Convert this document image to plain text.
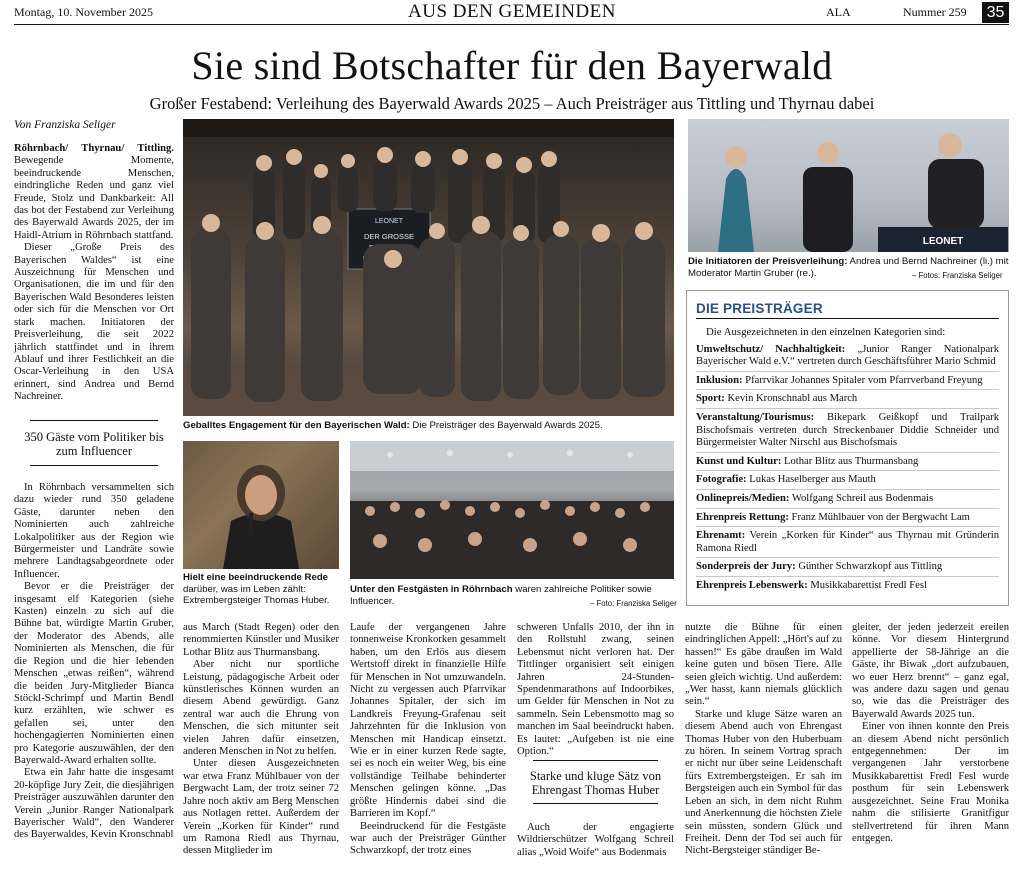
Montag, 10. November 2025	AUS DEN GEMEINDEN	ALA	Nummer 259 35
Sie sind Botschafter für den Bayerwald
Großer Festabend: Verleihung des Bayerwald Awards 2025 – Auch Preisträger aus Tittling und Thyrnau dabei
Von Franziska Seliger

Röhrnbach/ Thyrnau/ Tittling. Bewegende Momente, beeindruckende Menschen, eindringliche Reden und ganz viel Freude, Stolz und Dankbarkeit: All das bot der Festabend zur Verleihung des Bayerwald Awards 2025, der im Haidl-Atrium in Röhrnbach stattfand.

Dieser „Große Preis des Bayerischen Waldes“ ist eine Auszeichnung für Menschen und Organisationen, die im und für den Bayerischen Wald Besonderes leisten oder sich für die Menschen vor Ort stark machen. Initiatoren der Preisverleihung, die seit 2022 jährlich stattfindet und in ihrem Ablauf und ihrer Festlichkeit an die Oscar-Verleihung in den USA erinnert, sind Andrea und Bernd Nachreiner.

350 Gäste vom Politiker bis zum Influencer

In Röhrnbach versammelten sich dazu wieder rund 350 geladene Gäste, darunter neben den Nominierten auch zahlreiche Lokalpolitiker aus der Region wie Bürgermeister und Landräte sowie mehrere Landtagsabgeordnete oder Influencer.

Bevor er die Preisträger der insgesamt elf Kategorien (siehe Kasten) einzeln zu sich auf die Bühne bat, würdigte Martin Gruber, der Moderator des Abends, alle Nominierten als Menschen, die für die Region und die hier lebenden Menschen „etwas reißen“, während die beiden Jury-Mitglieder Bianca Stöckl-Schrimpf und Martin Bendl kurz erzählten, wie schwer es gefallen sei, unter den hochengagierten Nominierten einen pro Kategorie auszuwählen, der den Bayerwald-Award erhalten sollte.

Etwa ein Jahr hatte die insgesamt 20-köpfige Jury Zeit, die diesjährigen Preisträger auszuwählen darunter den Verein „Junior Ranger Nationalpark Bayerischer Wald“, den Wanderer des Bayerwaldes, Kevin Kronschnabl

LEONET
DER GROSSE
Geballtes Engagement für den Bayerischen Wald: Die Preisträger des Bayerwald Awards 2025.
LEONET
Die Initiatoren der Preisverleihung: Andrea und Bernd Nachreiner (li.) mit Moderator Martin Gruber (re.).	– Fotos: Franziska Seliger
DIE PREISTRÄGER
Die Ausgezeichneten in den einzelnen Kategorien sind:
Umweltschutz/ Nachhaltigkeit: „Junior Ranger Nationalpark Bayerischer Wald e.V.“ vertreten durch Geschäftsführer Mario Schmid
Inklusion: Pfarrvikar Johannes Spitaler vom Pfarrverband Freyung
Sport: Kevin Kronschnabl aus March
Veranstaltung/Tourismus: Bikepark Geißkopf und Trailpark Bischofsmais vertreten durch Streckenbauer Diddie Schneider und Bürgermeister Walter Nirschl aus Bischofsmais
Kunst und Kultur: Lothar Blitz aus Thurmansbang
Fotografie: Lukas Haselberger aus Mauth
Onlinepreis/Medien: Wolfgang Schreil aus Bodenmais
Ehrenpreis Rettung: Franz Mühlbauer von der Bergwacht Lam
Ehrenamt: Verein „Korken für Kinder“ aus Thyrnau mit Gründerin Ramona Riedl
Sonderpreis der Jury: Günther Schwarzkopf aus Tittling
Ehrenpreis Lebenswerk: Musikkabarettist Fredl Fesl
Hielt eine beeindruckende Rede darüber, was im Leben zählt: Extrembergsteiger Thomas Huber.
Unter den Festgästen in Röhrnbach waren zahlreiche Politiker sowie Influencer.	– Foto: Franziska Seliger

aus March (Stadt Regen) oder den renommierten Künstler und Musiker Lothar Blitz aus Thurmansbang.

Aber nicht nur sportliche Leistung, pädagogische Arbeit oder künstlerisches Können wurden an diesem Abend gewürdigt. Ganz zentral war auch die Ehrung von Menschen, die sich mitunter seit vielen Jahren dafür einsetzen, anderen Menschen in Not zu helfen.

Unter diesen Ausgezeichneten war etwa Franz Mühlbauer von der Bergwacht Lam, der trotz seiner 72 Jahre noch aktiv am Berg Menschen aus Notlagen rettet. Außerdem der Verein „Korken für Kinder“ rund um Ramona Riedl aus Thyrnau, dessen Mitglieder im

Laufe der vergangenen Jahre tonnenweise Kronkorken gesammelt haben, um den Erlös aus diesem Wertstoff direkt in finanzielle Hilfe für Menschen in Not umzuwandeln. Nicht zu vergessen auch Pfarrvikar Johannes Spitaler, der sich im Landkreis Freyung-Grafenau seit Jahrzehnten für die Inklusion von Menschen mit Handicap einsetzt. Wie er in einer kurzen Rede sagte, sei es noch ein weiter Weg, bis eine vollständige Teilhabe behinderter Menschen gelingen könne. „Das größte Hindernis dabei sind die Barrieren im Kopf.“

Beeindruckend für die Festgäste war auch der Preisträger Günther Schwarzkopf, der trotz eines

schweren Unfalls 2010, der ihn in den Rollstuhl zwang, seinen Lebensmut nicht verloren hat. Der Tittlinger organisiert seit einigen Jahren 24-Stunden-Spendenmarathons auf Indoorbikes, um Gelder für Menschen in Not zu sammeln. Sein Lebensmotto mag so manchen im Saal beeindruckt haben. Es lautet: „Aufgeben ist nie eine Option.“

Starke und kluge Sätz von Ehrengast Thomas Huber

Auch der engagierte Wildtierschützer Wolfgang Schreil alias „Woid Woife“ aus Bodenmais

nutzte die Bühne für einen eindringlichen Appell: „Hört's auf zu hassen!“ Es gäbe draußen im Wald keine guten und bösen Tiere. Alle seien gleich wichtig. Und außerdem: „Wer hasst, kann niemals glücklich sein.“

Starke und kluge Sätze waren an diesem Abend auch von Ehrengast Thomas Huber von den Huberbuam zu hören. In seinem Vortrag sprach er nicht nur über seine Leidenschaft fürs Extrembergsteigen. Er sah im Bergsteigen auch ein Symbol für das Leben an sich, in dem nicht Ruhm und Anerkennung die höchsten Ziele sein müssten, sondern Glück und Freiheit. Denn der Tod sei auch für Nicht-Bergsteiger ständiger Be-

gleiter, der jeden jederzeit ereilen könne. Vor diesem Hintergrund appellierte der 58-Jährige an die Gäste, ihr Biwak „dort aufzubauen, wo euer Herz brennt“ – ganz egal, was andere dazu sagen und genau so, wie das die Preisträger des Bayerwald Awards 2025 tun.

Einer von ihnen konnte den Preis an diesem Abend nicht persönlich entgegennehmen: Der im vergangenen Jahr verstorbene Musikkabarettist Fredl Fesl wurde posthum für sein Lebenswerk ausgezeichnet. Seine Frau Monika nahm die stilisierte Granitfigur stellvertretend für ihren Mann entgegen.
